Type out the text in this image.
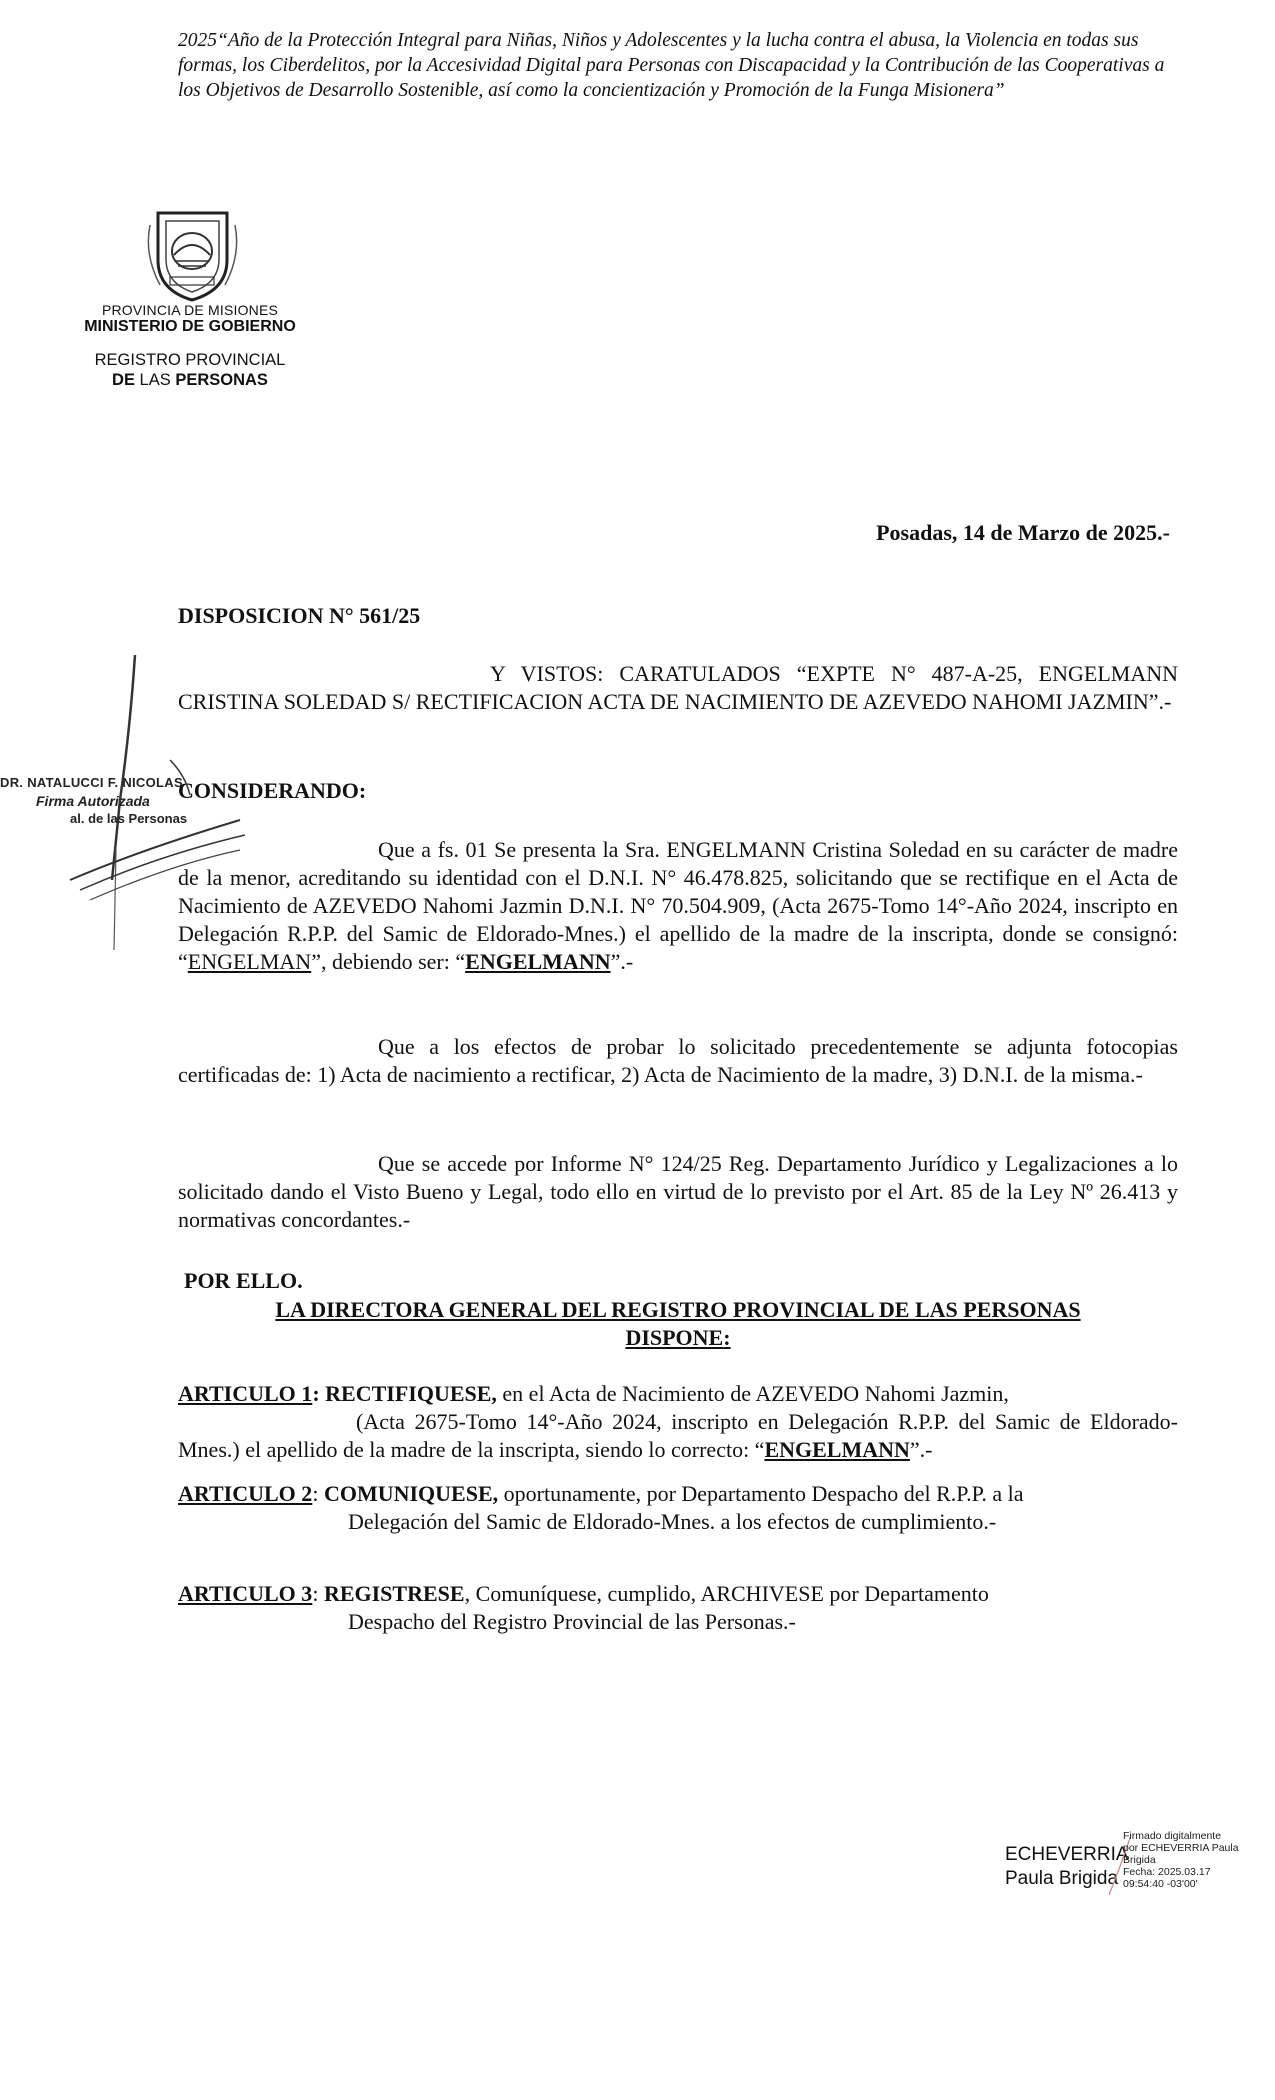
2025“Año de la Protección Integral para Niñas, Niños y Adolescentes y la lucha contra el abusa, la Violencia en todas sus formas, los Ciberdelitos, por la Accesividad Digital para Personas con Discapacidad y la Contribución de las Cooperativas a los Objetivos de Desarrollo Sostenible, así como la concientización y Promoción de la Funga Misionera”
PROVINCIA DE MISIONES
MINISTERIO DE GOBIERNO
REGISTRO PROVINCIAL
DE LAS PERSONAS
Posadas, 14 de Marzo de 2025.-
DISPOSICION N° 561/25
Y VISTOS: CARATULADOS “EXPTE N° 487-A-25, ENGELMANN CRISTINA SOLEDAD S/ RECTIFICACION ACTA DE NACIMIENTO DE AZEVEDO NAHOMI JAZMIN”.-
CONSIDERANDO:
Que a fs. 01 Se presenta la Sra. ENGELMANN Cristina Soledad en su carácter de madre de la menor, acreditando su identidad con el D.N.I. N° 46.478.825, solicitando que se rectifique en el Acta de Nacimiento de AZEVEDO Nahomi Jazmin D.N.I. N° 70.504.909, (Acta 2675-Tomo 14°-Año 2024, inscripto en Delegación R.P.P. del Samic de Eldorado-Mnes.) el apellido de la madre de la inscripta, donde se consignó: “ENGELMAN”, debiendo ser: “ENGELMANN”.-
Que a los efectos de probar lo solicitado precedentemente se adjunta fotocopias certificadas de: 1) Acta de nacimiento a rectificar, 2) Acta de Nacimiento de la madre, 3) D.N.I. de la misma.-
Que se accede por Informe N° 124/25 Reg. Departamento Jurídico y Legalizaciones a lo solicitado dando el Visto Bueno y Legal, todo ello en virtud de lo previsto por el Art. 85 de la Ley Nº 26.413 y normativas concordantes.-
POR ELLO.
LA DIRECTORA GENERAL DEL REGISTRO PROVINCIAL DE LAS PERSONAS
DISPONE:
ARTICULO 1: RECTIFIQUESE, en el Acta de Nacimiento de AZEVEDO Nahomi Jazmin,
(Acta 2675-Tomo 14°-Año 2024, inscripto en Delegación R.P.P. del Samic de Eldorado-Mnes.) el apellido de la madre de la inscripta, siendo lo correcto: “ENGELMANN”.-
ARTICULO 2: COMUNIQUESE, oportunamente, por Departamento Despacho del R.P.P. a la
Delegación del Samic de Eldorado-Mnes. a los efectos de cumplimiento.-
ARTICULO 3: REGISTRESE, Comuníquese, cumplido, ARCHIVESE por Departamento
Despacho del Registro Provincial de las Personas.-
DR. NATALUCCI F. NICOLAS
Firma Autorizada
al. de las Personas
ECHEVERRIA
Paula Brigida
Firmado digitalmente
por ECHEVERRIA Paula
Brigida
Fecha: 2025.03.17
09:54:40 -03'00'
